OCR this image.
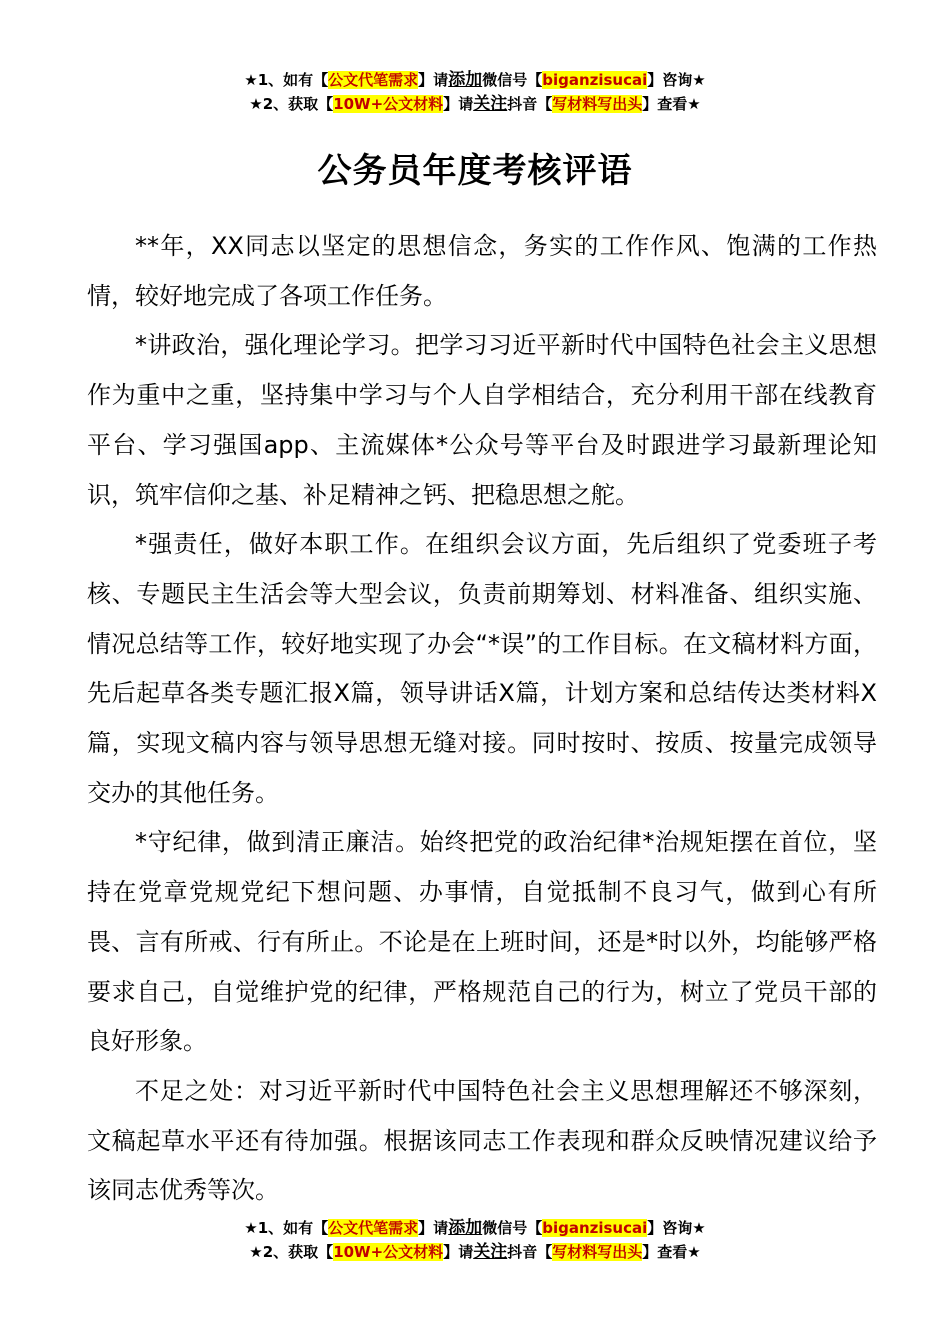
★1、如有【公文代笔需求】请添加微信号【biganzisucai】咨询★
★2、获取【10W+公文材料】请关注抖音【写材料写出头】查看★
公务员年度考核评语

**年，XX同志以坚定的思想信念，务实的工作作风、饱满的工作热情，较好地完成了各项工作任务。

*讲政治，强化理论学习。把学习习近平新时代中国特色社会主义思想作为重中之重，坚持集中学习与个人自学相结合，充分利用干部在线教育平台、学习强国app、主流媒体*公众号等平台及时跟进学习最新理论知识，筑牢信仰之基、补足精神之钙、把稳思想之舵。

*强责任，做好本职工作。在组织会议方面，先后组织了党委班子考核、专题民主生活会等大型会议，负责前期筹划、材料准备、组织实施、情况总结等工作，较好地实现了办会“*误”的工作目标。在文稿材料方面，先后起草各类专题汇报X篇，领导讲话X篇，计划方案和总结传达类材料X篇，实现文稿内容与领导思想无缝对接。同时按时、按质、按量完成领导交办的其他任务。

*守纪律，做到清正廉洁。始终把党的政治纪律*治规矩摆在首位，坚持在党章党规党纪下想问题、办事情，自觉抵制不良习气，做到心有所畏、言有所戒、行有所止。不论是在上班时间，还是*时以外，均能够严格要求自己，自觉维护党的纪律，严格规范自己的行为，树立了党员干部的良好形象。

不足之处：对习近平新时代中国特色社会主义思想理解还不够深刻，文稿起草水平还有待加强。根据该同志工作表现和群众反映情况建议给予该同志优秀等次。

★1、如有【公文代笔需求】请添加微信号【biganzisucai】咨询★
★2、获取【10W+公文材料】请关注抖音【写材料写出头】查看★
